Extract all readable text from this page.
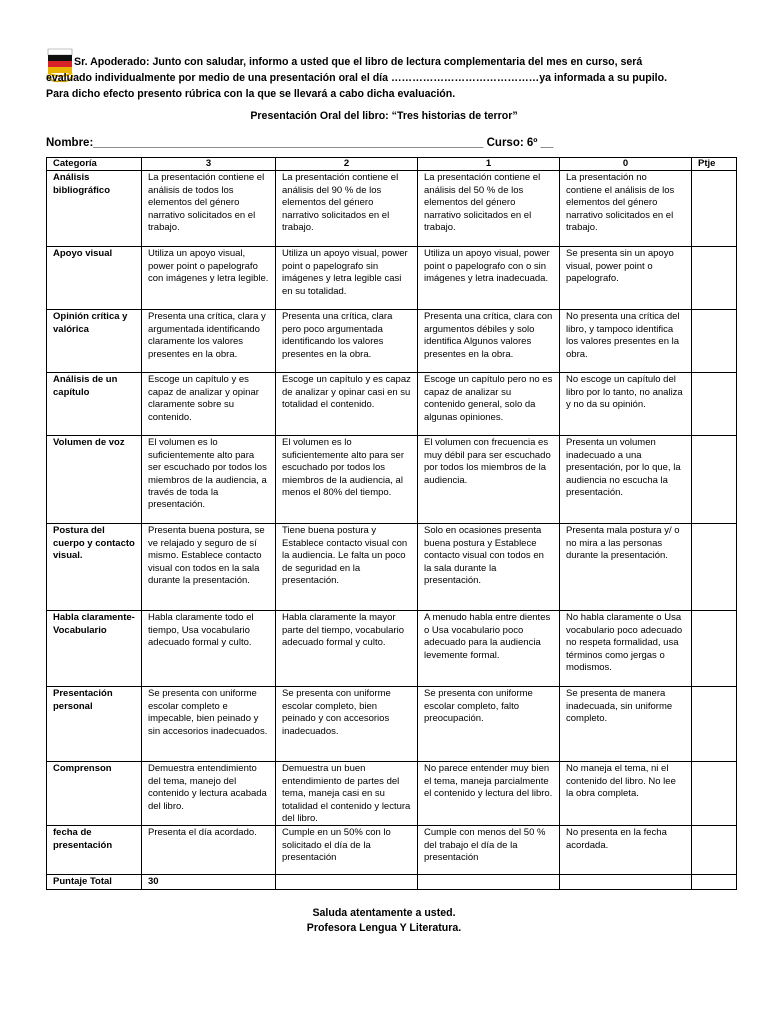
Sr. Apoderado: Junto con saludar, informo a usted que el libro de lectura complementaria del mes en curso, será
evaluado individualmente por medio de una presentación oral el día ……………………………………ya informada a su pupilo.
Para dicho efecto presento rúbrica con la que se llevará a cabo dicha evaluación.
Presentación Oral del libro: “Tres historias de terror”
Nombre:_____________________________________________________________ Curso: 6º __
Categoría	3	2	1	0	Ptje
Análisis bibliográfico	La presentación contiene el análisis de todos los elementos del género narrativo solicitados en el trabajo.	La presentación contiene el análisis del 90 % de los elementos del género narrativo solicitados en el trabajo.	La presentación contiene el análisis del 50 % de los elementos del género narrativo solicitados en el trabajo.	La presentación no contiene el análisis de los elementos del género narrativo solicitados en el trabajo.	
Apoyo visual	Utiliza un apoyo visual, power point o papelografo con imágenes y letra legible.	Utiliza un apoyo visual, power point o papelografo sin imágenes y letra legible casi en su totalidad.	Utiliza un apoyo visual, power point o papelografo con o sin imágenes y letra inadecuada.	Se presenta sin un apoyo visual, power point o papelografo.	
Opinión crítica y valórica	Presenta una crítica, clara y argumentada identificando claramente los valores presentes en la obra.	Presenta una crítica, clara pero poco argumentada identificando los valores presentes en la obra.	Presenta una crítica, clara con argumentos débiles y solo identifica Algunos valores presentes en la obra.	No presenta una crítica del libro, y tampoco identifica los valores presentes en la obra.	
Análisis de un capítulo	Escoge un capítulo y es capaz de analizar y opinar claramente sobre su contenido.	Escoge un capítulo y es capaz de analizar y opinar casi en su totalidad el contenido.	Escoge un capítulo pero no es capaz de analizar su contenido general, solo da algunas opiniones.	No escoge un capítulo del libro por lo tanto, no analiza y no da su opinión.	
Volumen de voz	El volumen es lo suficientemente alto para ser escuchado por todos los miembros de la audiencia, a través de toda la presentación.	El volumen es lo suficientemente alto para ser escuchado por todos los miembros de la audiencia, al menos el 80% del tiempo.	El volumen con frecuencia es muy débil para ser escuchado por todos los miembros de la audiencia.	Presenta un volumen inadecuado a una presentación, por lo que, la audiencia no escucha la presentación.	
Postura del cuerpo y contacto visual.	Presenta buena postura, se ve relajado y seguro de sí mismo. Establece contacto visual con todos en la sala durante la presentación.	Tiene buena postura y Establece contacto visual con la audiencia. Le falta un poco de seguridad en la presentación.	Solo en ocasiones presenta buena postura y Establece contacto visual con todos en la sala durante la presentación.	Presenta mala postura y/ o no mira a las personas durante la presentación.	
Habla claramente- Vocabulario	Habla claramente todo el tiempo, Usa vocabulario adecuado formal y culto.	Habla claramente la mayor parte del tiempo, vocabulario adecuado formal y culto.	A menudo habla entre dientes o Usa vocabulario poco adecuado para la audiencia levemente formal.	No habla claramente o Usa vocabulario poco adecuado no respeta formalidad, usa términos como jergas o modismos.	
Presentación personal	Se presenta con uniforme escolar completo e impecable, bien peinado y sin accesorios inadecuados.	Se presenta con uniforme escolar completo, bien peinado y con accesorios inadecuados.	Se presenta con uniforme escolar completo, falto preocupación.	Se presenta de manera inadecuada, sin uniforme completo.	
Comprenson	Demuestra entendimiento del tema, manejo del contenido y lectura acabada del libro.	Demuestra un buen entendimiento de partes del tema, maneja casi en su totalidad el contenido y lectura del libro.	No parece entender muy bien el tema, maneja parcialmente el contenido y lectura del libro.	No maneja el tema, ni el contenido del libro. No lee la obra completa.	
fecha de presentación	Presenta el día acordado.	Cumple en un 50% con lo solicitado el día de la presentación	Cumple con menos del 50 % del trabajo el día de la presentación	No presenta en la fecha acordada.	
Puntaje Total	30				
Saluda atentamente a usted.
Profesora Lengua Y Literatura.
